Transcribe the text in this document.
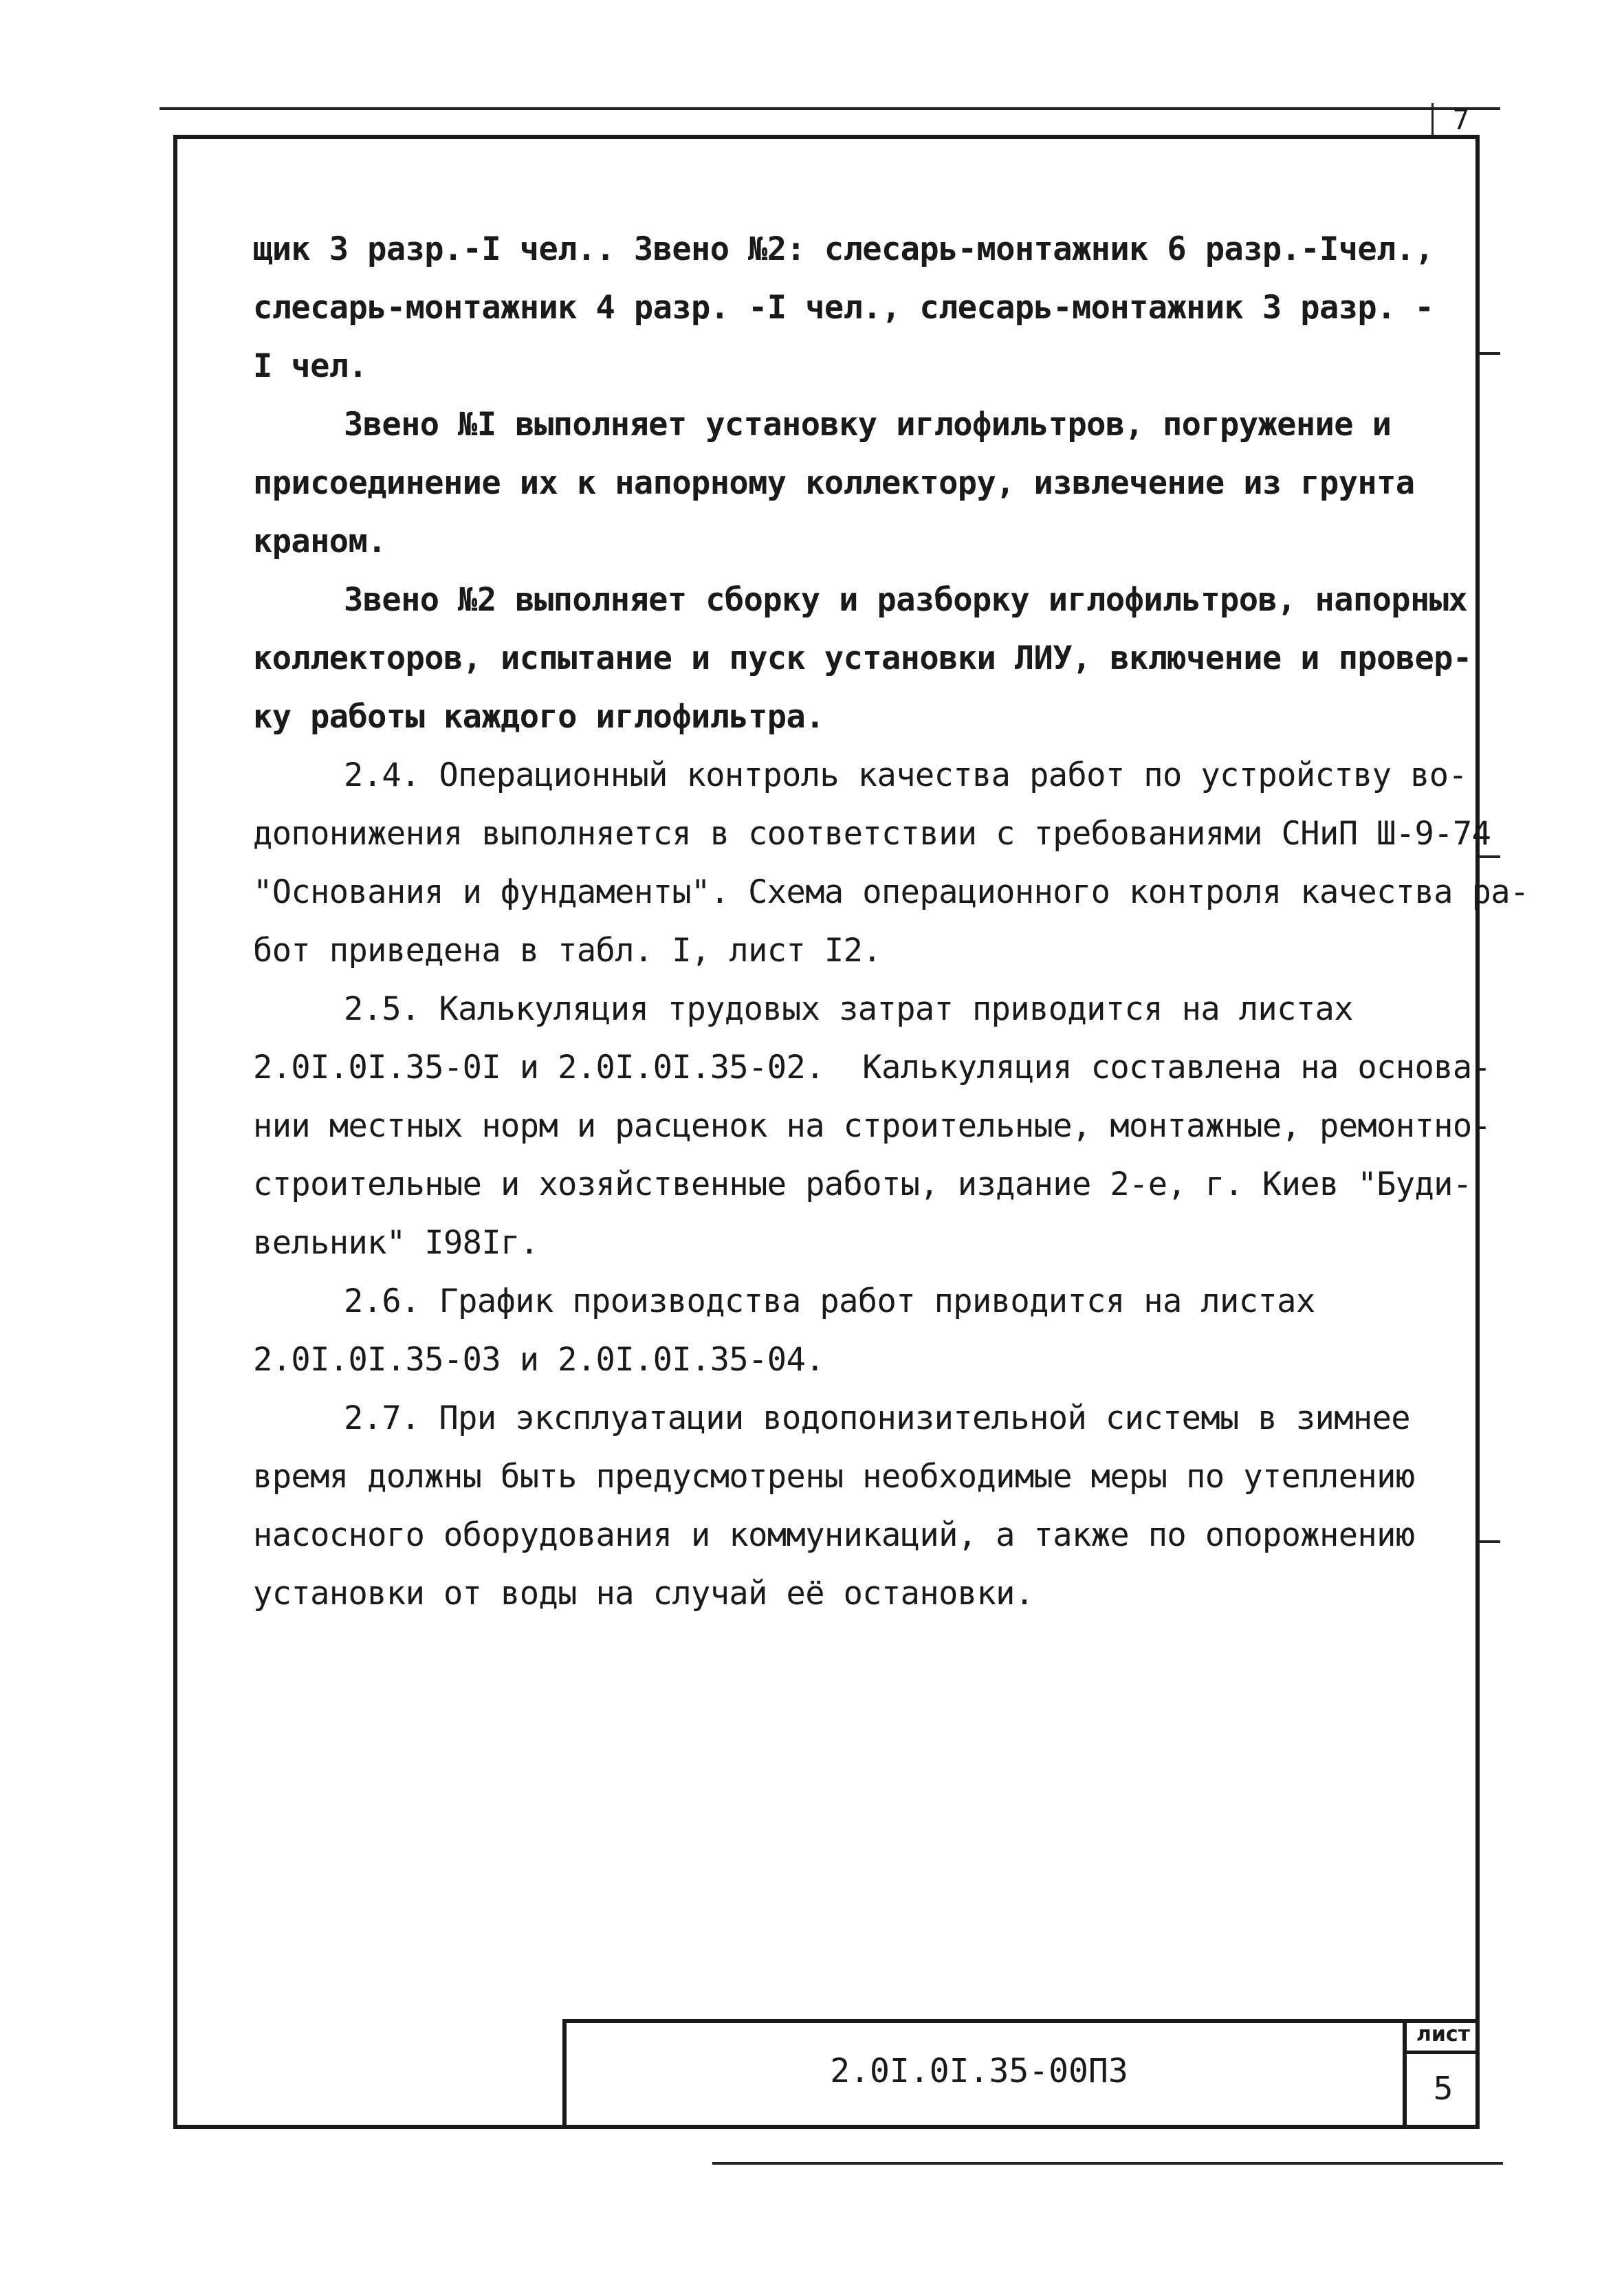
7
щик 3 разр.-I чел.. Звено №2: слесарь-монтажник 6 разр.-Iчел.,
слесарь-монтажник 4 разр. -I чел., слесарь-монтажник 3 разр. -
I чел.
Звено №I выполняет установку иглофильтров, погружение и
присоединение их к напорному коллектору, извлечение из грунта
краном.
Звено №2 выполняет сборку и разборку иглофильтров, напорных
коллекторов, испытание и пуск установки ЛИУ, включение и провер-
ку работы каждого иглофильтра.
2.4. Операционный контроль качества работ по устройству во-
допонижения выполняется в соответствии с требованиями СНиП Ш-9-74
"Основания и фундаменты". Схема операционного контроля качества ра-
бот приведена в табл. I, лист I2.
2.5. Калькуляция трудовых затрат приводится на листах
2.0I.0I.35-0I и 2.0I.0I.35-02.  Калькуляция составлена на основа-
нии местных норм и расценок на строительные, монтажные, ремонтно-
строительные и хозяйственные работы, издание 2-е, г. Киев "Буди-
вельник" I98Iг.
2.6. График производства работ приводится на листах
2.0I.0I.35-03 и 2.0I.0I.35-04.
2.7. При эксплуатации водопонизительной системы в зимнее
время должны быть предусмотрены необходимые меры по утеплению
насосного оборудования и коммуникаций, а также по опорожнению
установки от воды на случай её остановки.
2.0I.0I.35-00ПЗ
лист
5
